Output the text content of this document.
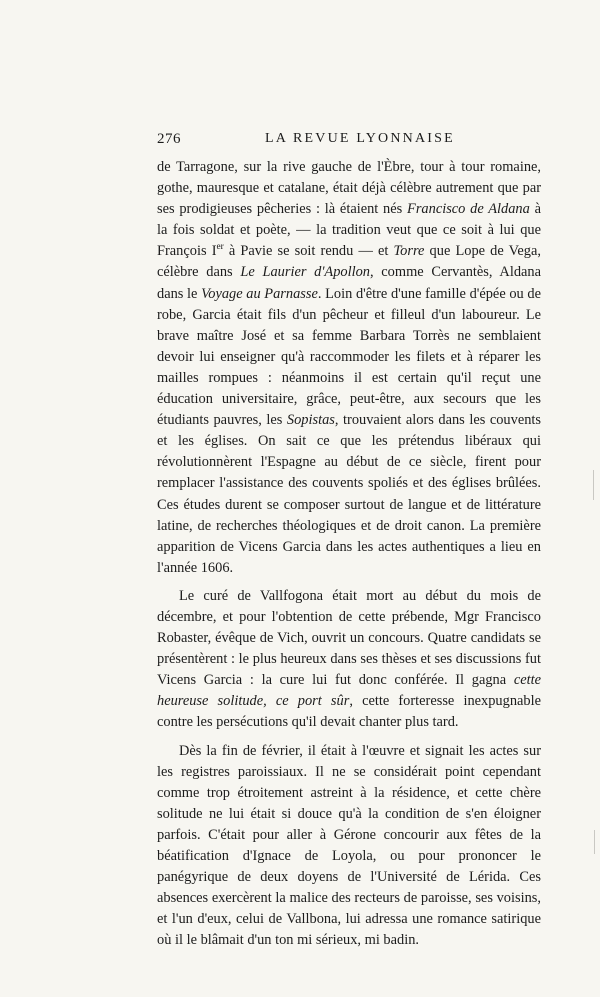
276	LA REVUE LYONNAISE

de Tarragone, sur la rive gauche de l'Èbre, tour à tour romaine, gothe, mauresque et catalane, était déjà célèbre autrement que par ses prodigieuses pêcheries : là étaient nés Francisco de Aldana à la fois soldat et poète, — la tradition veut que ce soit à lui que François Ier à Pavie se soit rendu — et Torre que Lope de Vega, célèbre dans Le Laurier d'Apollon, comme Cervantès, Aldana dans le Voyage au Parnasse. Loin d'être d'une famille d'épée ou de robe, Garcia était fils d'un pêcheur et filleul d'un laboureur. Le brave maître José et sa femme Barbara Torrès ne semblaient devoir lui enseigner qu'à raccommoder les filets et à réparer les mailles rompues : néanmoins il est certain qu'il reçut une éducation universitaire, grâce, peut-être, aux secours que les étudiants pauvres, les Sopistas, trouvaient alors dans les couvents et les églises. On sait ce que les prétendus libéraux qui révolutionnèrent l'Espagne au début de ce siècle, firent pour remplacer l'assistance des couvents spoliés et des églises brûlées. Ces études durent se composer surtout de langue et de littérature latine, de recherches théologiques et de droit canon. La première apparition de Vicens Garcia dans les actes authentiques a lieu en l'année 1606.

Le curé de Vallfogona était mort au début du mois de décembre, et pour l'obtention de cette prébende, Mgr Francisco Robaster, évêque de Vich, ouvrit un concours. Quatre candidats se présentèrent : le plus heureux dans ses thèses et ses discussions fut Vicens Garcia : la cure lui fut donc conférée. Il gagna cette heureuse solitude, ce port sûr, cette forteresse inexpugnable contre les persécutions qu'il devait chanter plus tard.

Dès la fin de février, il était à l'œuvre et signait les actes sur les registres paroissiaux. Il ne se considérait point cependant comme trop étroitement astreint à la résidence, et cette chère solitude ne lui était si douce qu'à la condition de s'en éloigner parfois. C'était pour aller à Gérone concourir aux fêtes de la béatification d'Ignace de Loyola, ou pour prononcer le panégyrique de deux doyens de l'Université de Lérida. Ces absences exercèrent la malice des recteurs de paroisse, ses voisins, et l'un d'eux, celui de Vallbona, lui adressa une romance satirique où il le blâmait d'un ton mi sérieux, mi badin.
